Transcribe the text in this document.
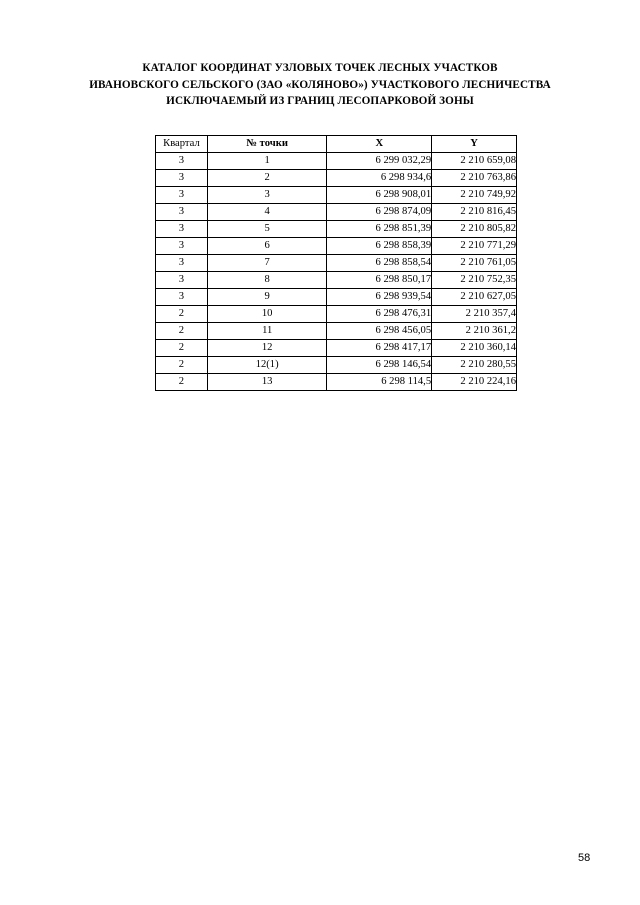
КАТАЛОГ КООРДИНАТ УЗЛОВЫХ ТОЧЕК ЛЕСНЫХ УЧАСТКОВ
ИВАНОВСКОГО СЕЛЬСКОГО (ЗАО «КОЛЯНОВО») УЧАСТКОВОГО ЛЕСНИЧЕСТВА
ИСКЛЮЧАЕМЫЙ ИЗ ГРАНИЦ ЛЕСОПАРКОВОЙ ЗОНЫ
Квартал	№ точки	X	Y
3	1	6 299 032,29	2 210 659,08
3	2	6 298 934,6	2 210 763,86
3	3	6 298 908,01	2 210 749,92
3	4	6 298 874,09	2 210 816,45
3	5	6 298 851,39	2 210 805,82
3	6	6 298 858,39	2 210 771,29
3	7	6 298 858,54	2 210 761,05
3	8	6 298 850,17	2 210 752,35
3	9	6 298 939,54	2 210 627,05
2	10	6 298 476,31	2 210 357,4
2	11	6 298 456,05	2 210 361,2
2	12	6 298 417,17	2 210 360,14
2	12(1)	6 298 146,54	2 210 280,55
2	13	6 298 114,5	2 210 224,16
58
